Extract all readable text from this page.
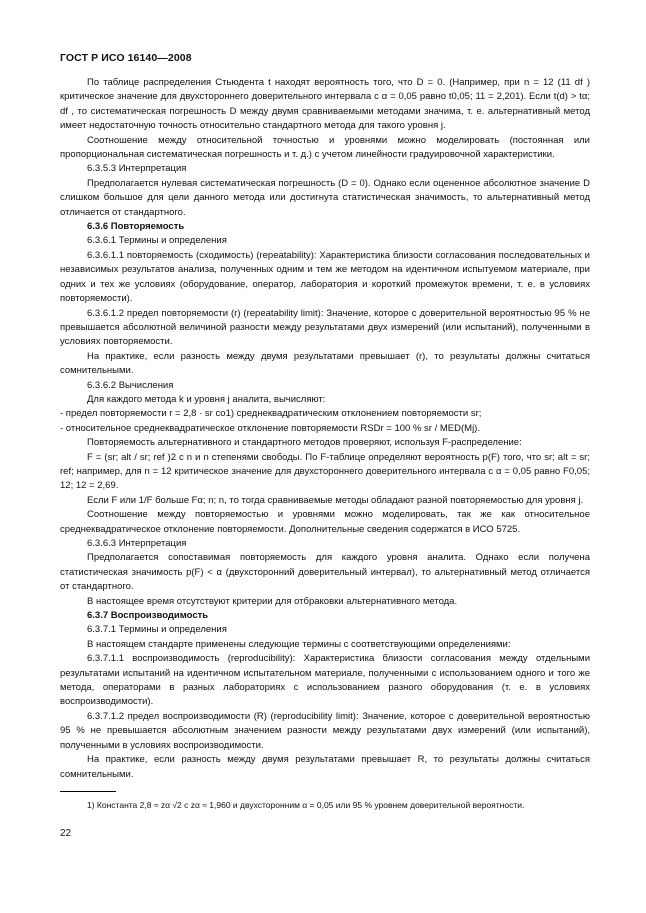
ГОСТ Р ИСО 16140—2008

По таблице распределения Стьюдента t находят вероятность того, что D = 0. (Например, при n = 12 (11 df ) критическое значение для двухстороннего доверительного интервала с α = 0,05 равно t0,05; 11 = 2,201). Если t(d) > tα; df , то систематическая погрешность D между двумя сравниваемыми методами значима, т. е. альтернативный метод имеет недостаточную точность относительно стандартного метода для такого уровня j.

Соотношение между относительной точностью и уровнями можно моделировать (постоянная или пропорциональная систематическая погрешность и т. д.) с учетом линейности градуировочной характеристики.

6.3.5.3 Интерпретация

Предполагается нулевая систематическая погрешность (D = 0). Однако если оцененное абсолютное значение D слишком большое для цели данного метода или достигнута статистическая значимость, то альтернативный метод отличается от стандартного.

6.3.6 Повторяемость

6.3.6.1 Термины и определения

6.3.6.1.1 повторяемость (сходимость) (repeatability): Характеристика близости согласования последовательных и независимых результатов анализа, полученных одним и тем же методом на идентичном испытуемом материале, при одних и тех же условиях (оборудование, оператор, лаборатория и короткий промежуток времени, т. е. в условиях повторяемости).

6.3.6.1.2 предел повторяемости (r) (repeatability limit): Значение, которое с доверительной вероятностью 95 % не превышается абсолютной величиной разности между результатами двух измерений (или испытаний), полученными в условиях повторяемости.

На практике, если разность между двумя результатами превышает (r), то результаты должны считаться сомнительными.

6.3.6.2 Вычисления

Для каждого метода k и уровня j аналита, вычисляют:

- предел повторяемости r = 2,8 · sr со1) среднеквадратическим отклонением повторяемости sr;

- относительное среднеквадратическое отклонение повторяемости RSDr = 100 % sr / MED(Mj).

Повторяемость альтернативного и стандартного методов проверяют, используя F-распределение:

F = (sr; alt / sr; ref )2 с n и n степенями свободы. По F-таблице определяют вероятность p(F) того, что sr; alt = sr; ref; например, для n = 12 критическое значение для двухстороннего доверительного интервала с α = 0,05 равно F0,05; 12; 12 = 2,69.

Если F или 1/F больше Fα; n; n, то тогда сравниваемые методы обладают разной повторяемостью для уровня j.

Соотношение между повторяемостью и уровнями можно моделировать, так же как относительное среднеквадратическое отклонение повторяемости. Дополнительные сведения содержатся в ИСО 5725.

6.3.6.3 Интерпретация

Предполагается сопоставимая повторяемость для каждого уровня аналита. Однако если получена статистическая значимость p(F) < α (двухсторонний доверительный интервал), то альтернативный метод отличается от стандартного.

В настоящее время отсутствуют критерии для отбраковки альтернативного метода.

6.3.7 Воспроизводимость

6.3.7.1 Термины и определения

В настоящем стандарте применены следующие термины с соответствующими определениями:

6.3.7.1.1 воспроизводимость (reproducibility): Характеристика близости согласования между отдельными результатами испытаний на идентичном испытательном материале, полученными с использованием одного и того же метода, операторами в разных лабораториях с использованием разного оборудования (т. е. в условиях воспроизводимости).

6.3.7.1.2 предел воспроизводимости (R) (reproducibility limit): Значение, которое с доверительной вероятностью 95 % не превышается абсолютным значением разности между результатами двух измерений (или испытаний), полученными в условиях воспроизводимости.

На практике, если разность между двумя результатами превышает R, то результаты должны считаться сомнительными.

1) Константа 2,8 ≈ zα √2 с zα ≈ 1,960 и двухсторонним α = 0,05 или 95 % уровнем доверительной вероятности.
22
